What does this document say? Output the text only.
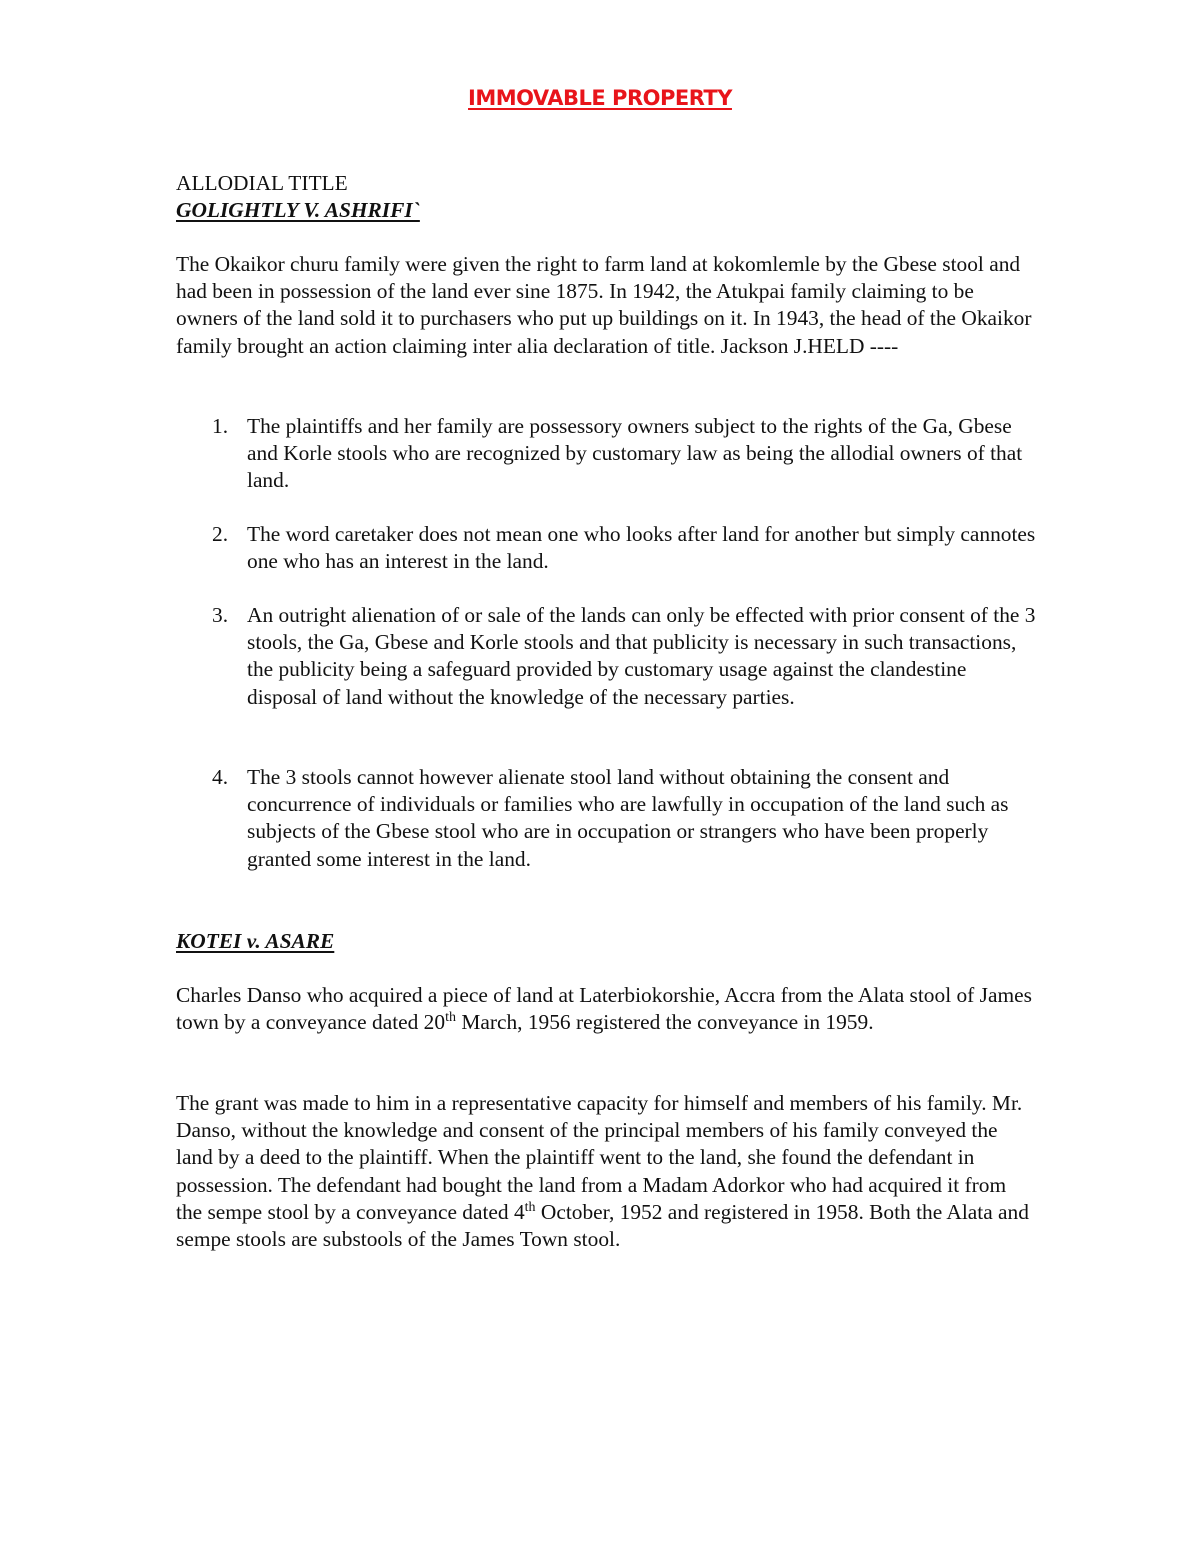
IMMOVABLE PROPERTY
ALLODIAL TITLE
GOLIGHTLY V. ASHRIFI`

The Okaikor churu family were given the right to farm land at kokomlemle by the Gbese stool and had been in possession of the land ever sine 1875. In 1942, the Atukpai family claiming to be owners of the land sold it to purchasers who put up buildings on it. In 1943, the head of the Okaikor family brought an action claiming inter alia declaration of title. Jackson J.HELD ----

1. The plaintiffs and her family are possessory owners subject to the rights of the Ga, Gbese and Korle stools who are recognized by customary law as being the allodial owners of that land.
2. The word caretaker does not mean one who looks after land for another but simply cannotes one who has an interest in the land.
3. An outright alienation of or sale of the lands can only be effected with prior consent of the 3 stools, the Ga, Gbese and Korle stools and that publicity is necessary in such transactions, the publicity being a safeguard provided by customary usage against the clandestine disposal of land without the knowledge of the necessary parties.
4. The 3 stools cannot however alienate stool land without obtaining the consent and concurrence of individuals or families who are lawfully in occupation of the land such as subjects of the Gbese stool who are in occupation or strangers who have been properly granted some interest in the land.
KOTEI v. ASARE

Charles Danso who acquired a piece of land at Laterbiokorshie, Accra from the Alata stool of James town by a conveyance dated 20th March, 1956 registered the conveyance in 1959.

The grant was made to him in a representative capacity for himself and members of his family. Mr. Danso, without the knowledge and consent of the principal members of his family conveyed the land by a deed to the plaintiff. When the plaintiff went to the land, she found the defendant in possession. The defendant had bought the land from a Madam Adorkor who had acquired it from the sempe stool by a conveyance dated 4th October, 1952 and registered in 1958. Both the Alata and sempe stools are substools of the James Town stool.
